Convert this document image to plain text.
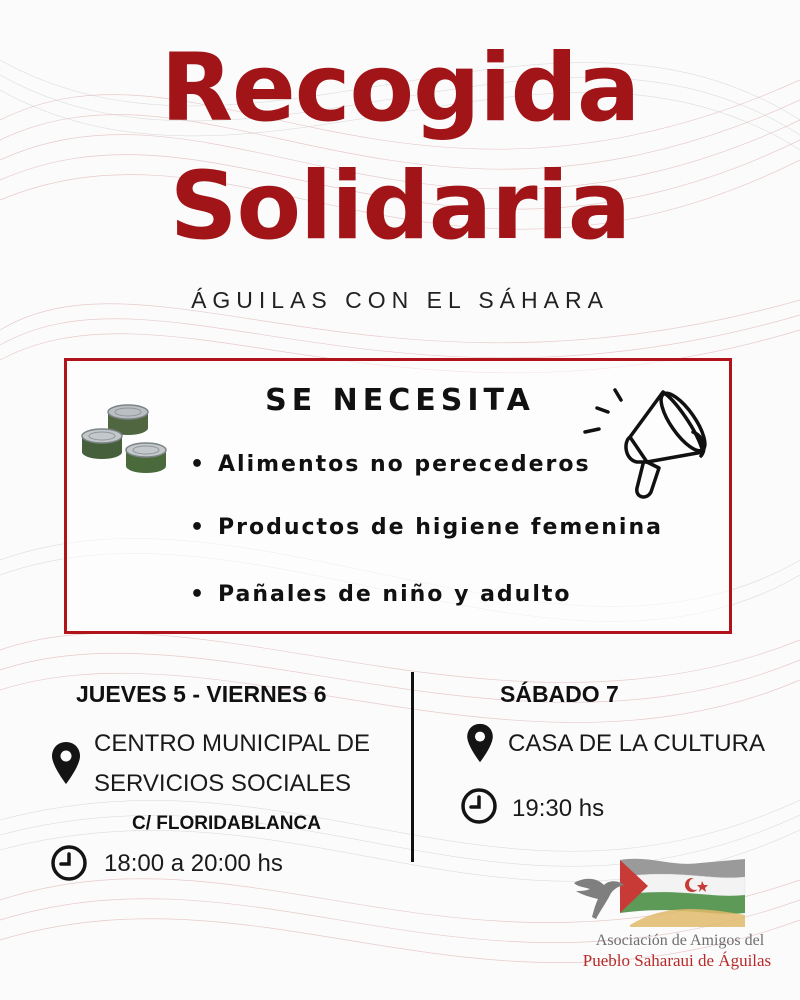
Recogida
Solidaria
ÁGUILAS CON EL SÁHARA
SE NECESITA
• Alimentos no perecederos
• Productos de higiene femenina
• Pañales de niño y adulto
JUEVES 5 - VIERNES 6	SÁBADO 7
CENTRO MUNICIPAL DE
SERVICIOS SOCIALES
C/ FLORIDABLANCA
18:00 a 20:00 hs
CASA DE LA CULTURA
19:30 hs
Asociación de Amigos del
Pueblo Saharaui de Águilas
